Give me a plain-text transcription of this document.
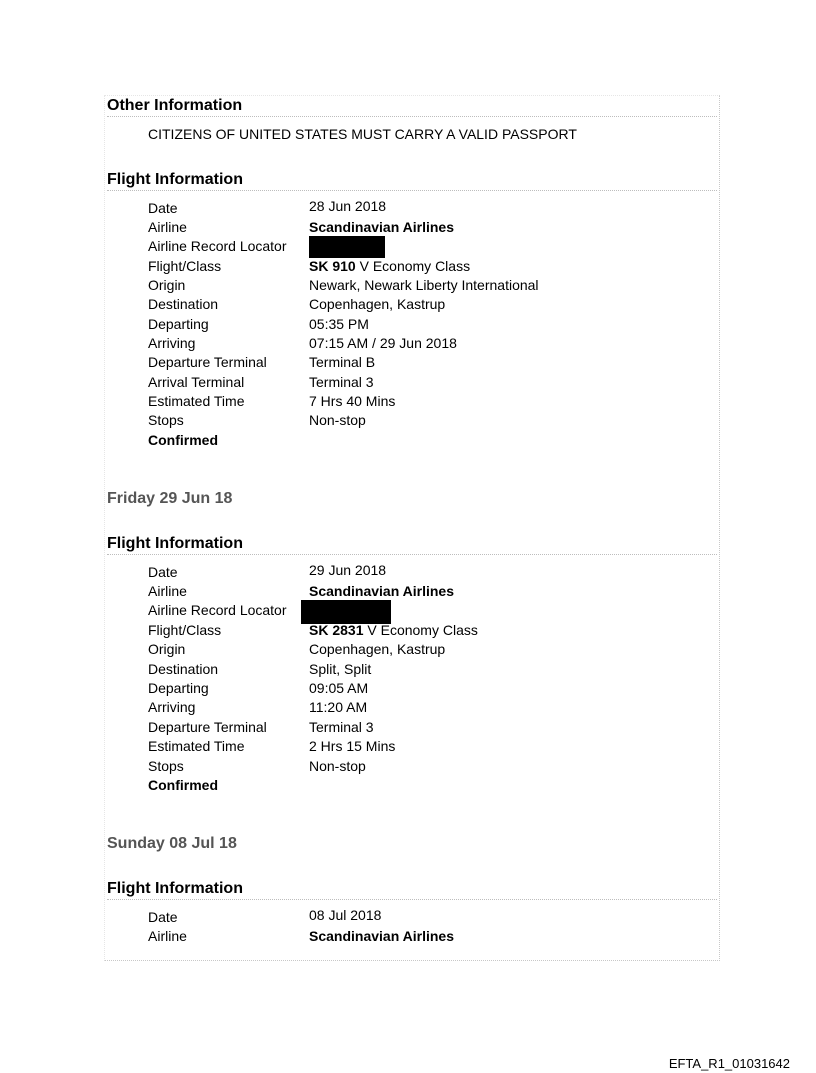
Other Information
CITIZENS OF UNITED STATES MUST CARRY A VALID PASSPORT
Flight Information
Date	28 Jun 2018
Airline	Scandinavian Airlines
Airline Record Locator
Flight/Class	SK 910 V Economy Class
Origin	Newark, Newark Liberty International
Destination	Copenhagen, Kastrup
Departing	05:35 PM
Arriving	07:15 AM / 29 Jun 2018
Departure Terminal	Terminal B
Arrival Terminal	Terminal 3
Estimated Time	7 Hrs 40 Mins
Stops	Non-stop
Confirmed
Friday 29 Jun 18
Flight Information
Date	29 Jun 2018
Airline	Scandinavian Airlines
Airline Record Locator
Flight/Class	SK 2831 V Economy Class
Origin	Copenhagen, Kastrup
Destination	Split, Split
Departing	09:05 AM
Arriving	11:20 AM
Departure Terminal	Terminal 3
Estimated Time	2 Hrs 15 Mins
Stops	Non-stop
Confirmed
Sunday 08 Jul 18
Flight Information
Date	08 Jul 2018
Airline	Scandinavian Airlines
EFTA_R1_01031642
